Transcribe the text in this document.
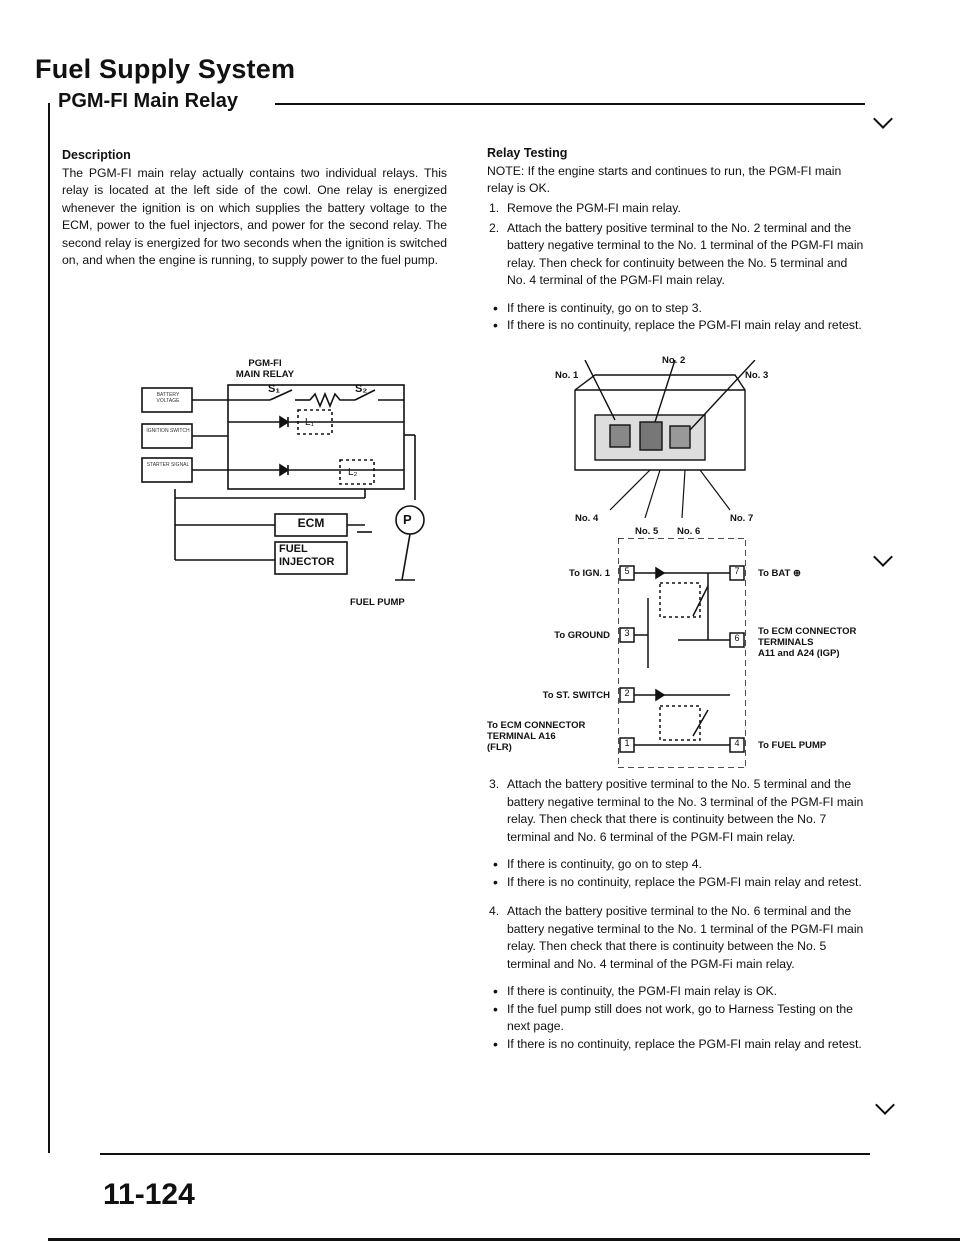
Fuel Supply System
PGM-FI Main Relay

Description

The PGM-FI main relay actually contains two individual relays. This relay is located at the left side of the cowl. One relay is energized whenever the ignition is on which supplies the battery voltage to the ECM, power to the fuel injectors, and power for the second relay. The second relay is energized for two seconds when the ignition is switched on, and when the engine is running, to supply power to the fuel pump.

PGM-FI
MAIN RELAY
BATTERY VOLTAGE
IGNITION SWITCH
STARTER SIGNAL
S₁	S₂
L₁
L₂
ECM
FUEL
INJECTOR
P
FUEL PUMP

Relay Testing

NOTE: If the engine starts and continues to run, the PGM-FI main relay is OK.

1. Remove the PGM-FI main relay.
2. Attach the battery positive terminal to the No. 2 terminal and the battery negative terminal to the No. 1 terminal of the PGM-FI main relay. Then check for continuity between the No. 5 terminal and No. 4 terminal of the PGM-FI main relay.
• If there is continuity, go on to step 3.
• If there is no continuity, replace the PGM-FI main relay and retest.
No. 1
No. 2
No. 3
No. 4	No. 7
No. 5 No. 6
5
3
2
1
7
6
4
To IGN. 1
To GROUND
To ST. SWITCH
To ECM CONNECTOR
TERMINAL A16
(FLR)
To BAT ⊕
To ECM CONNECTOR
TERMINALS
A11 and A24 (IGP)
To FUEL PUMP
3. Attach the battery positive terminal to the No. 5 terminal and the battery negative terminal to the No. 3 terminal of the PGM-FI main relay. Then check that there is continuity between the No. 7 terminal and No. 6 terminal of the PGM-FI main relay.
• If there is continuity, go on to step 4.
• If there is no continuity, replace the PGM-FI main relay and retest.
4. Attach the battery positive terminal to the No. 6 terminal and the battery negative terminal to the No. 1 terminal of the PGM-FI main relay. Then check that there is continuity between the No. 5 terminal and No. 4 terminal of the PGM-Fi main relay.
• If there is continuity, the PGM-FI main relay is OK.
• If the fuel pump still does not work, go to Harness Testing on the next page.
• If there is no continuity, replace the PGM-FI main relay and retest.
11-124
